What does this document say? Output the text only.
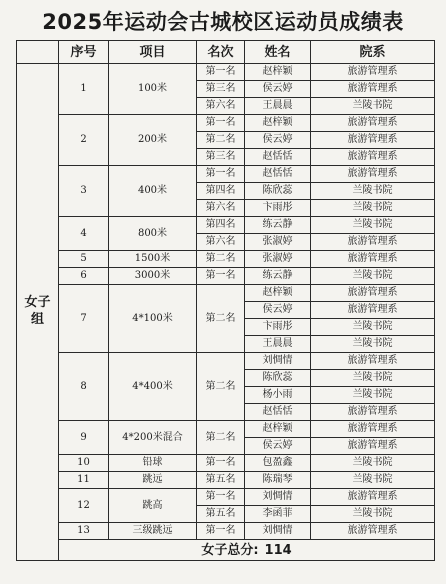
2025年运动会古城校区运动员成绩表
	序号	项目	名次	姓名	院系
女子组	1	100米	第一名	赵梓颖	旅游管理系
			第三名	侯云婷	旅游管理系
			第六名	王晨晨	兰陵书院
	2	200米	第一名	赵梓颖	旅游管理系
			第二名	侯云婷	旅游管理系
			第三名	赵恬恬	旅游管理系
	3	400米	第一名	赵恬恬	旅游管理系
			第四名	陈欣蕊	兰陵书院
			第六名	卞雨彤	兰陵书院
	4	800米	第四名	练云静	兰陵书院
			第六名	张淑婷	旅游管理系
	5	1500米	第二名	张淑婷	旅游管理系
	6	3000米	第一名	练云静	兰陵书院
	7	4*100米	第二名	赵梓颖	旅游管理系
				侯云婷	旅游管理系
				卞雨彤	兰陵书院
				王晨晨	兰陵书院
	8	4*400米	第二名	刘惆情	旅游管理系
				陈欣蕊	兰陵书院
				杨小雨	兰陵书院
				赵恬恬	旅游管理系
	9	4*200米混合	第二名	赵梓颖	旅游管理系
				侯云婷	旅游管理系
	10	铅球	第一名	包盈鑫	兰陵书院
	11	跳远	第五名	陈瑞琴	兰陵书院
	12	跳高	第一名	刘惆情	旅游管理系
			第五名	李函菲	兰陵书院
	13	三级跳远	第一名	刘惆情	旅游管理系
	女子总分: 114				
